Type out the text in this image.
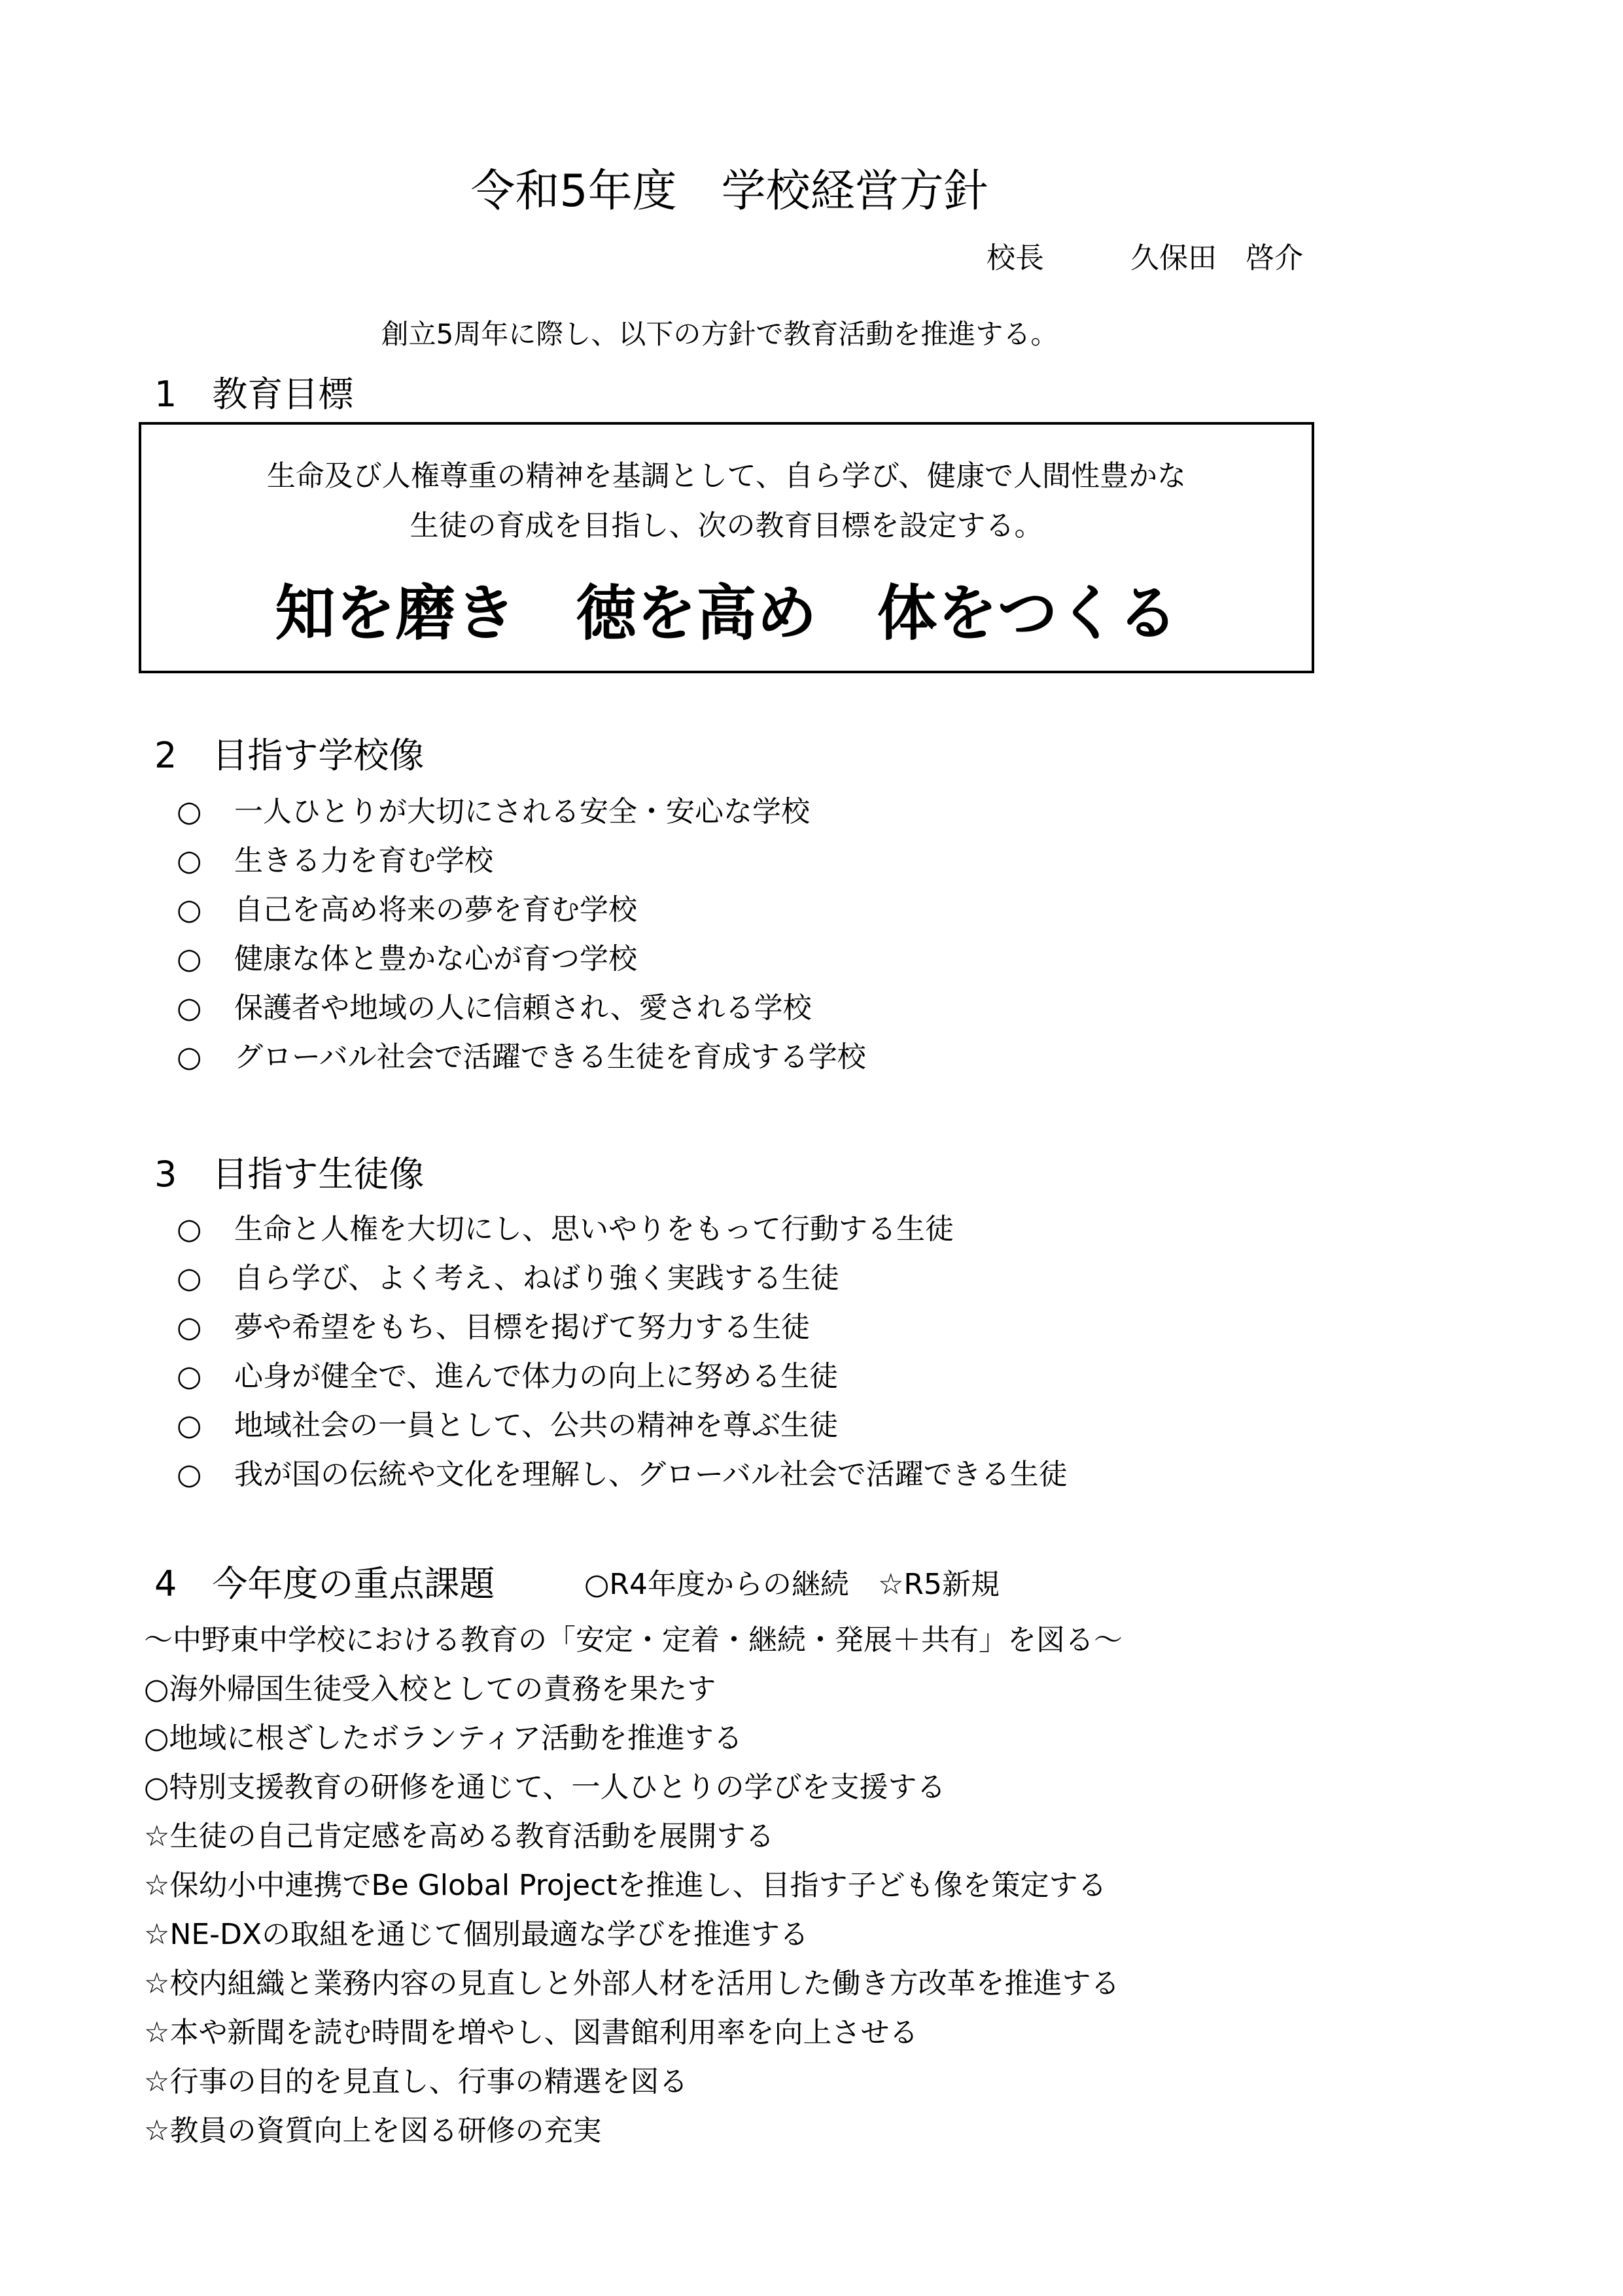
令和5年度　学校経営方針
校長	久保田　啓介
創立5周年に際し、以下の方針で教育活動を推進する。
1　教育目標
生命及び人権尊重の精神を基調として、自ら学び、健康で人間性豊かな
生徒の育成を目指し、次の教育目標を設定する。
知を磨き　徳を高め　体をつくる
2　目指す学校像
○ 一人ひとりが大切にされる安全・安心な学校
○ 生きる力を育む学校
○ 自己を高め将来の夢を育む学校
○ 健康な体と豊かな心が育つ学校
○ 保護者や地域の人に信頼され、愛される学校
○ グローバル社会で活躍できる生徒を育成する学校
3　目指す生徒像
○ 生命と人権を大切にし、思いやりをもって行動する生徒
○ 自ら学び、よく考え、ねばり強く実践する生徒
○ 夢や希望をもち、目標を掲げて努力する生徒
○ 心身が健全で、進んで体力の向上に努める生徒
○ 地域社会の一員として、公共の精神を尊ぶ生徒
○ 我が国の伝統や文化を理解し、グローバル社会で活躍できる生徒
4　今年度の重点課題	○R4年度からの継続　☆R5新規
～中野東中学校における教育の「安定・定着・継続・発展＋共有」を図る～
○海外帰国生徒受入校としての責務を果たす
○地域に根ざしたボランティア活動を推進する
○特別支援教育の研修を通じて、一人ひとりの学びを支援する
☆生徒の自己肯定感を高める教育活動を展開する
☆保幼小中連携でBe Global Projectを推進し、目指す子ども像を策定する
☆NE-DXの取組を通じて個別最適な学びを推進する
☆校内組織と業務内容の見直しと外部人材を活用した働き方改革を推進する
☆本や新聞を読む時間を増やし、図書館利用率を向上させる
☆行事の目的を見直し、行事の精選を図る
☆教員の資質向上を図る研修の充実
